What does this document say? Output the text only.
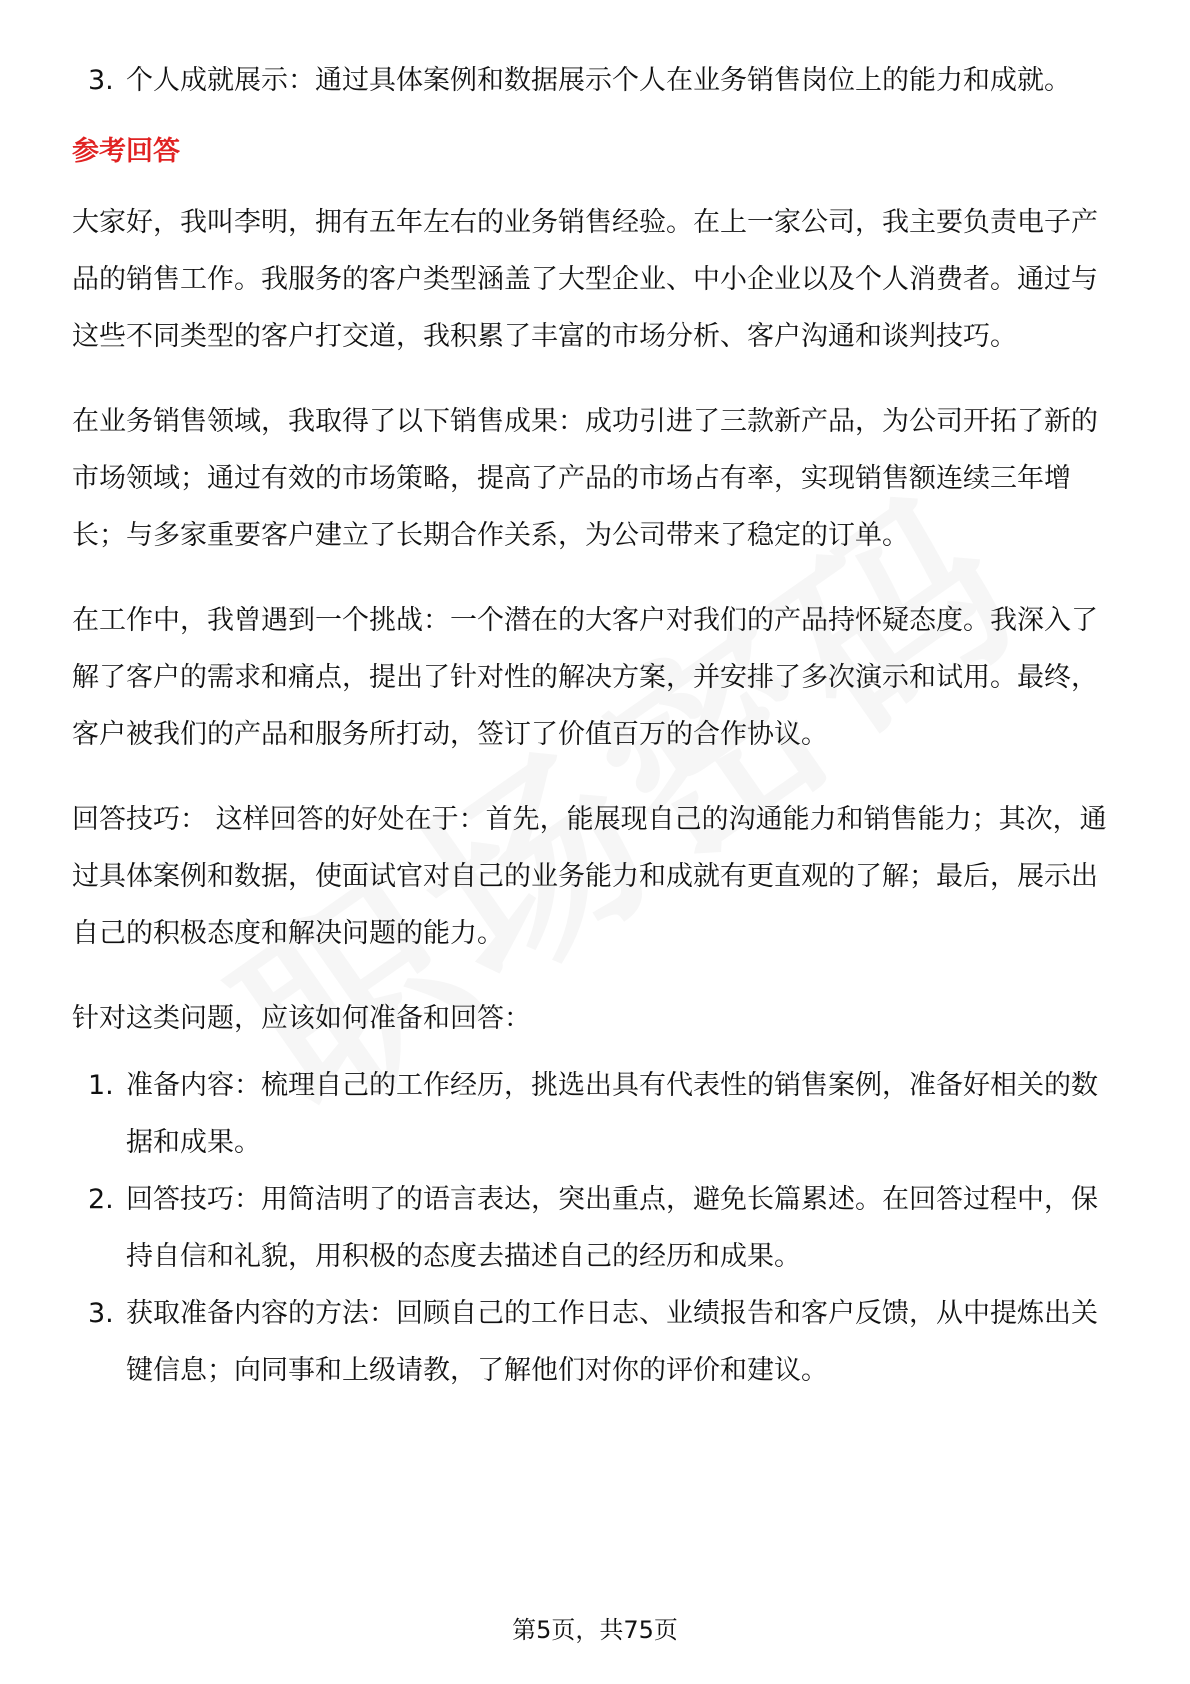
3. 个人成就展示：通过具体案例和数据展示个人在业务销售岗位上的能力和成就。
参考回答

大家好，我叫李明，拥有五年左右的业务销售经验。在上一家公司，我主要负责电子产品的销售工作。我服务的客户类型涵盖了大型企业、中小企业以及个人消费者。通过与这些不同类型的客户打交道，我积累了丰富的市场分析、客户沟通和谈判技巧。

在业务销售领域，我取得了以下销售成果：成功引进了三款新产品，为公司开拓了新的市场领域；通过有效的市场策略，提高了产品的市场占有率，实现销售额连续三年增长；与多家重要客户建立了长期合作关系，为公司带来了稳定的订单。

在工作中，我曾遇到一个挑战：一个潜在的大客户对我们的产品持怀疑态度。我深入了解了客户的需求和痛点，提出了针对性的解决方案，并安排了多次演示和试用。最终，客户被我们的产品和服务所打动，签订了价值百万的合作协议。

回答技巧： 这样回答的好处在于：首先，能展现自己的沟通能力和销售能力；其次，通过具体案例和数据，使面试官对自己的业务能力和成就有更直观的了解；最后，展示出自己的积极态度和解决问题的能力。

针对这类问题，应该如何准备和回答：

1. 准备内容：梳理自己的工作经历，挑选出具有代表性的销售案例，准备好相关的数据和成果。
2. 回答技巧：用简洁明了的语言表达，突出重点，避免长篇累述。在回答过程中，保持自信和礼貌，用积极的态度去描述自己的经历和成果。
3. 获取准备内容的方法：回顾自己的工作日志、业绩报告和客户反馈，从中提炼出关键信息；向同事和上级请教，了解他们对你的评价和建议。
第5页，共75页
